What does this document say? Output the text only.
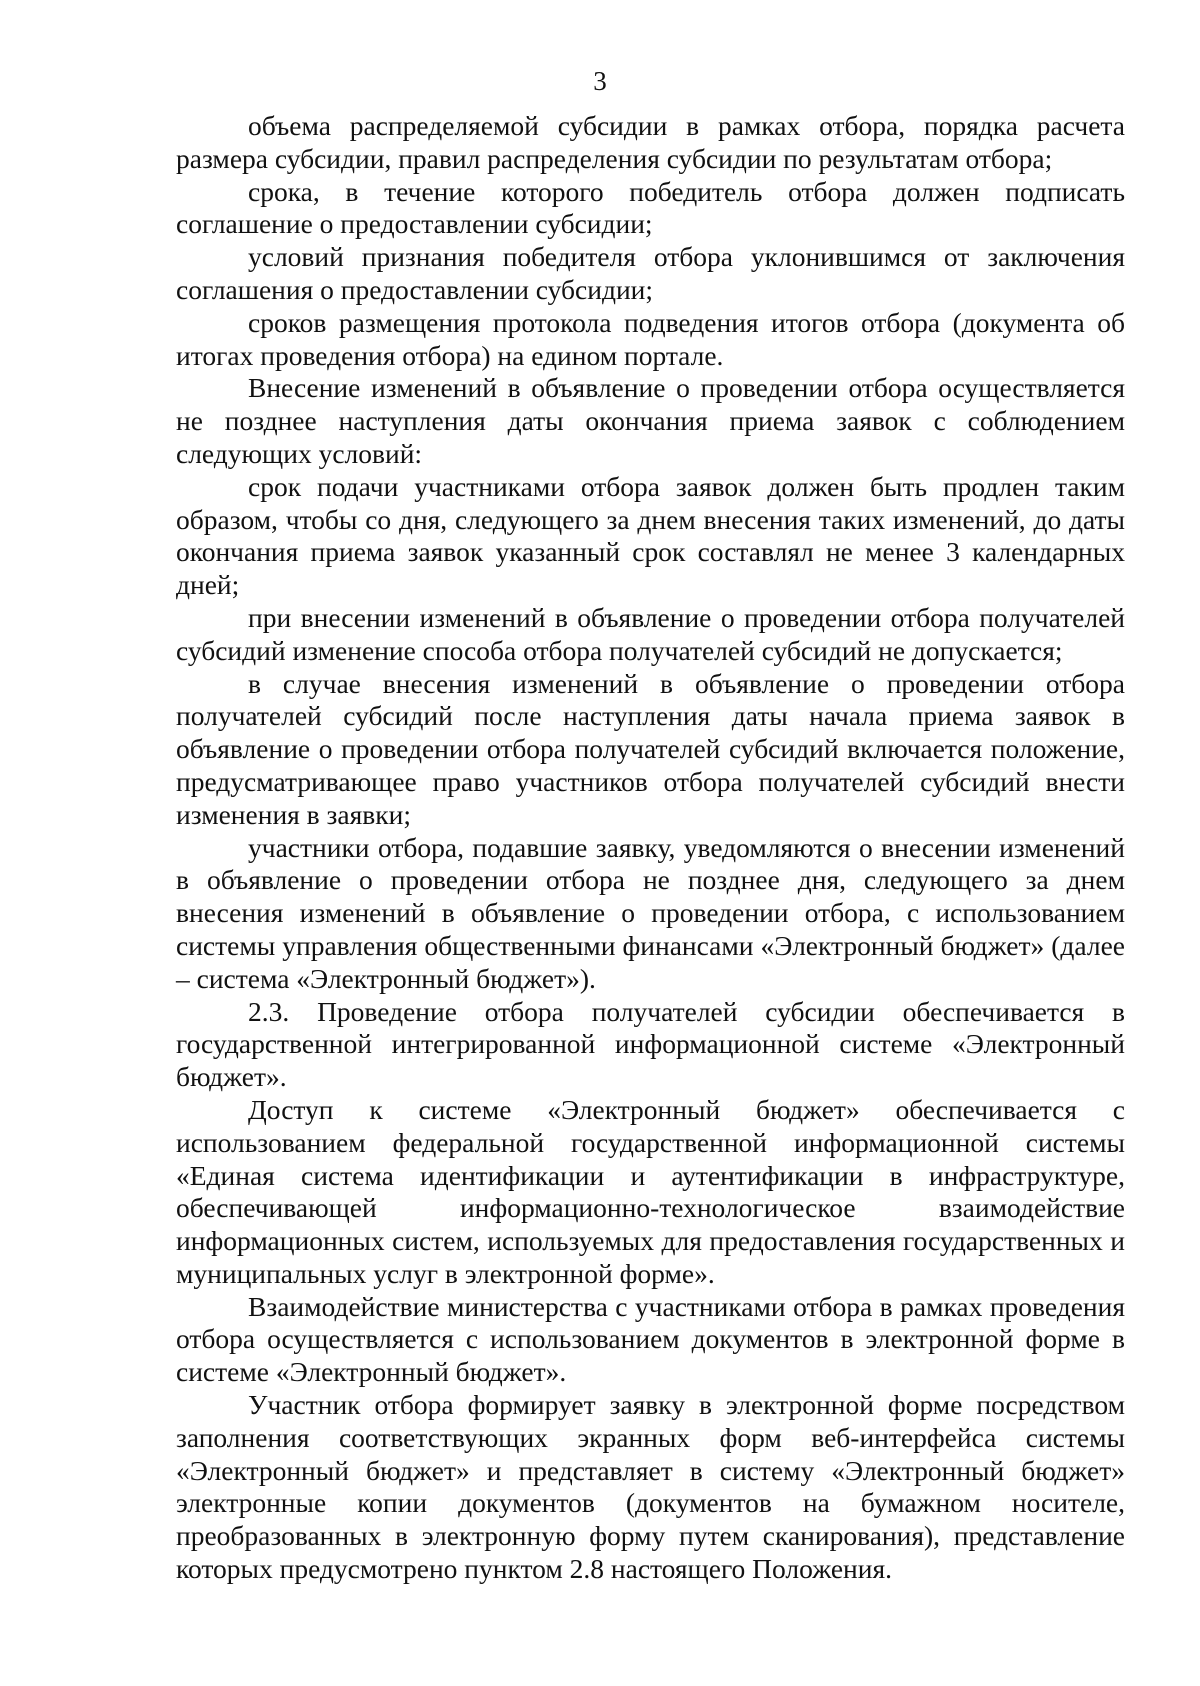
3

объема распределяемой субсидии в рамках отбора, порядка расчета размера субсидии, правил распределения субсидии по результатам отбора;

срока, в течение которого победитель отбора должен подписать соглашение о предоставлении субсидии;

условий признания победителя отбора уклонившимся от заключения соглашения о предоставлении субсидии;

сроков размещения протокола подведения итогов отбора (документа об итогах проведения отбора) на едином портале.

Внесение изменений в объявление о проведении отбора осуществляется не позднее наступления даты окончания приема заявок с соблюдением следующих условий:

срок подачи участниками отбора заявок должен быть продлен таким образом, чтобы со дня, следующего за днем внесения таких изменений, до даты окончания приема заявок указанный срок составлял не менее 3 календарных дней;

при внесении изменений в объявление о проведении отбора получателей субсидий изменение способа отбора получателей субсидий не допускается;

в случае внесения изменений в объявление о проведении отбора получателей субсидий после наступления даты начала приема заявок в объявление о проведении отбора получателей субсидий включается положение, предусматривающее право участников отбора получателей субсидий внести изменения в заявки;

участники отбора, подавшие заявку, уведомляются о внесении изменений в объявление о проведении отбора не позднее дня, следующего за днем внесения изменений в объявление о проведении отбора, с использованием системы управления общественными финансами «Электронный бюджет» (далее – система «Электронный бюджет»).

2.3. Проведение отбора получателей субсидии обеспечивается в государственной интегрированной информационной системе «Электронный бюджет».

Доступ к системе «Электронный бюджет» обеспечивается с использованием федеральной государственной информационной системы «Единая система идентификации и аутентификации в инфраструктуре, обеспечивающей информационно-технологическое взаимодействие информационных систем, используемых для предоставления государственных и муниципальных услуг в электронной форме».

Взаимодействие министерства с участниками отбора в рамках проведения отбора осуществляется с использованием документов в электронной форме в системе «Электронный бюджет».

Участник отбора формирует заявку в электронной форме посредством заполнения соответствующих экранных форм веб-интерфейса системы «Электронный бюджет» и представляет в систему «Электронный бюджет» электронные копии документов (документов на бумажном носителе, преобразованных в электронную форму путем сканирования), представление которых предусмотрено пунктом 2.8 настоящего Положения.
